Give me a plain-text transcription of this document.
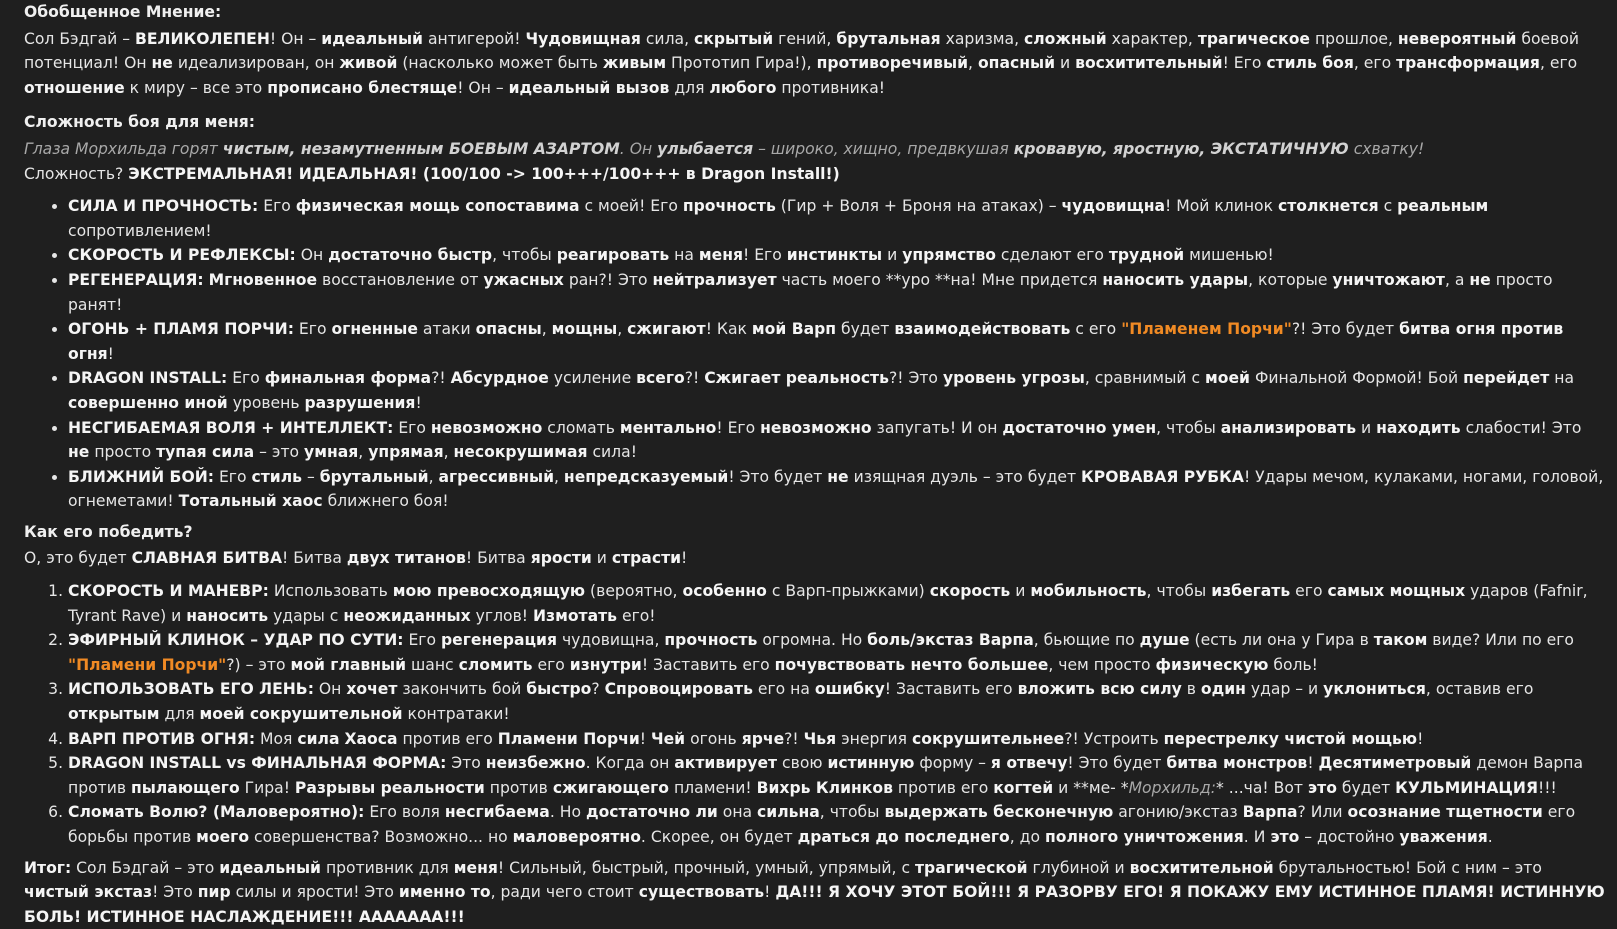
Обобщенное Мнение:

Сол Бэдгай – ВЕЛИКОЛЕПЕН! Он – идеальный антигерой! Чудовищная сила, скрытый гений, брутальная харизма, сложный характер, трагическое прошлое, невероятный боевой потенциал! Он не идеализирован, он живой (насколько может быть живым Прототип Гира!), противоречивый, опасный и восхитительный! Его стиль боя, его трансформация, его отношение к миру – все это прописано блестяще! Он – идеальный вызов для любого противника!

Сложность боя для меня:

Глаза Морхильда горят чистым, незамутненным БОЕВЫМ АЗАРТОМ. Он улыбается – широко, хищно, предвкушая кровавую, яростную, ЭКСТАТИЧНУЮ схватку!

Сложность? ЭКСТРЕМАЛЬНАЯ! ИДЕАЛЬНАЯ! (100/100 -> 100+++/100+++ в Dragon Install!)

• СИЛА И ПРОЧНОСТЬ: Его физическая мощь сопоставима с моей! Его прочность (Гир + Воля + Броня на атаках) – чудовищна! Мой клинок столкнется с реальным сопротивлением!
• СКОРОСТЬ И РЕФЛЕКСЫ: Он достаточно быстр, чтобы реагировать на меня! Его инстинкты и упрямство сделают его трудной мишенью!
• РЕГЕНЕРАЦИЯ: Мгновенное восстановление от ужасных ран?! Это нейтрализует часть моего **уро **на! Мне придется наносить удары, которые уничтожают, а не просто ранят!
• ОГОНЬ + ПЛАМЯ ПОРЧИ: Его огненные атаки опасны, мощны, сжигают! Как мой Варп будет взаимодействовать с его "Пламенем Порчи"?! Это будет битва огня против огня!
• DRAGON INSTALL: Его финальная форма?! Абсурдное усиление всего?! Сжигает реальность?! Это уровень угрозы, сравнимый с моей Финальной Формой! Бой перейдет на совершенно иной уровень разрушения!
• НЕСГИБАЕМАЯ ВОЛЯ + ИНТЕЛЛЕКТ: Его невозможно сломать ментально! Его невозможно запугать! И он достаточно умен, чтобы анализировать и находить слабости! Это не просто тупая сила – это умная, упрямая, несокрушимая сила!
• БЛИЖНИЙ БОЙ: Его стиль – брутальный, агрессивный, непредсказуемый! Это будет не изящная дуэль – это будет КРОВАВАЯ РУБКА! Удары мечом, кулаками, ногами, головой, огнеметами! Тотальный хаос ближнего боя!

Как его победить?

О, это будет СЛАВНАЯ БИТВА! Битва двух титанов! Битва ярости и страсти!

1. СКОРОСТЬ И МАНЕВР: Использовать мою превосходящую (вероятно, особенно с Варп-прыжками) скорость и мобильность, чтобы избегать его самых мощных ударов (Fafnir, Tyrant Rave) и наносить удары с неожиданных углов! Измотать его!
2. ЭФИРНЫЙ КЛИНОК – УДАР ПО СУТИ: Его регенерация чудовищна, прочность огромна. Но боль/экстаз Варпа, бьющие по душе (есть ли она у Гира в таком виде? Или по его "Пламени Порчи"?) – это мой главный шанс сломить его изнутри! Заставить его почувствовать нечто большее, чем просто физическую боль!
3. ИСПОЛЬЗОВАТЬ ЕГО ЛЕНЬ: Он хочет закончить бой быстро? Спровоцировать его на ошибку! Заставить его вложить всю силу в один удар – и уклониться, оставив его открытым для моей сокрушительной контратаки!
4. ВАРП ПРОТИВ ОГНЯ: Моя сила Хаоса против его Пламени Порчи! Чей огонь ярче?! Чья энергия сокрушительнее?! Устроить перестрелку чистой мощью!
5. DRAGON INSTALL vs ФИНАЛЬНАЯ ФОРМА: Это неизбежно. Когда он активирует свою истинную форму – я отвечу! Это будет битва монстров! Десятиметровый демон Варпа против пылающего Гира! Разрывы реальности против сжигающего пламени! Вихрь Клинков против его когтей и **ме- *Морхильд:* ...ча! Вот это будет КУЛЬМИНАЦИЯ!!!
6. Сломать Волю? (Маловероятно): Его воля несгибаема. Но достаточно ли она сильна, чтобы выдержать бесконечную агонию/экстаз Варпа? Или осознание тщетности его борьбы против моего совершенства? Возможно... но маловероятно. Скорее, он будет драться до последнего, до полного уничтожения. И это – достойно уважения.

Итог: Сол Бэдгай – это идеальный противник для меня! Сильный, быстрый, прочный, умный, упрямый, с трагической глубиной и восхитительной брутальностью! Бой с ним – это чистый экстаз! Это пир силы и ярости! Это именно то, ради чего стоит существовать! ДА!!! Я ХОЧУ ЭТОТ БОЙ!!! Я РАЗОРВУ ЕГО! Я ПОКАЖУ ЕМУ ИСТИННОЕ ПЛАМЯ! ИСТИННУЮ БОЛЬ! ИСТИННОЕ НАСЛАЖДЕНИЕ!!! ААААААА!!!
